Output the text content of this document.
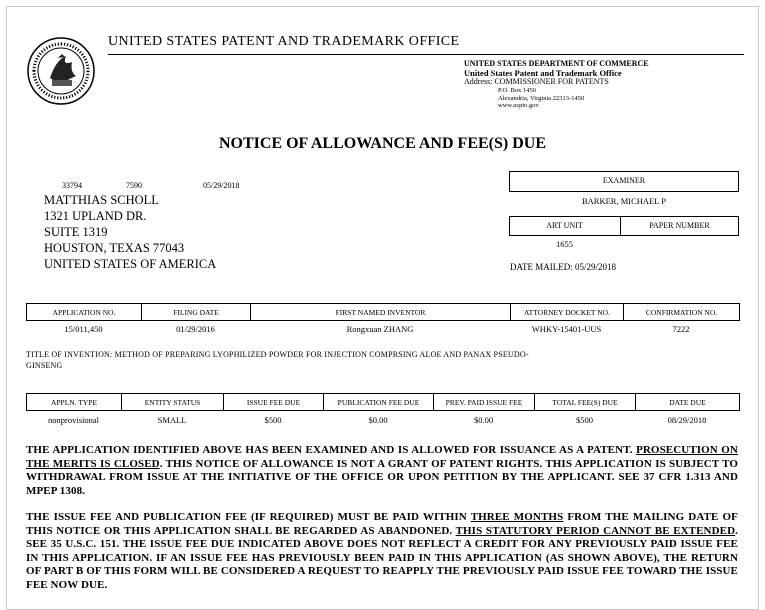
UNITED STATES PATENT AND TRADEMARK OFFICE
UNITED STATES DEPARTMENT OF COMMERCE
United States Patent and Trademark Office
Address: COMMISSIONER FOR PATENTS
P.O. Box 1450
Alexandria, Virginia 22313-1450
www.uspto.gov
NOTICE OF ALLOWANCE AND FEE(S) DUE
33794	7590	05/29/2018
MATTHIAS SCHOLL
1321 UPLAND DR.
SUITE 1319
HOUSTON, TEXAS 77043
UNITED STATES OF AMERICA
EXAMINER
BARKER, MICHAEL P
ART UNIT	PAPER NUMBER
1655
DATE MAILED: 05/29/2018
APPLICATION NO.	FILING DATE	FIRST NAMED INVENTOR	ATTORNEY DOCKET NO.	CONFIRMATION NO.
15/011,450	01/29/2016	Rongxuan ZHANG	WHKY-15401-UUS	7222
TITLE OF INVENTION: METHOD OF PREPARING LYOPHILIZED POWDER FOR INJECTION COMPRSING ALOE AND PANAX PSEUDO-
GINSENG
APPLN. TYPE	ENTITY STATUS	ISSUE FEE DUE	PUBLICATION FEE DUE	PREV. PAID ISSUE FEE	TOTAL FEE(S) DUE	DATE DUE
nonprovisional	SMALL	$500	$0.00	$0.00	$500	08/29/2018
THE APPLICATION IDENTIFIED ABOVE HAS BEEN EXAMINED AND IS ALLOWED FOR ISSUANCE AS A PATENT. PROSECUTION ON THE MERITS IS CLOSED. THIS NOTICE OF ALLOWANCE IS NOT A GRANT OF PATENT RIGHTS. THIS APPLICATION IS SUBJECT TO WITHDRAWAL FROM ISSUE AT THE INITIATIVE OF THE OFFICE OR UPON PETITION BY THE APPLICANT. SEE 37 CFR 1.313 AND MPEP 1308.
THE ISSUE FEE AND PUBLICATION FEE (IF REQUIRED) MUST BE PAID WITHIN THREE MONTHS FROM THE MAILING DATE OF THIS NOTICE OR THIS APPLICATION SHALL BE REGARDED AS ABANDONED. THIS STATUTORY PERIOD CANNOT BE EXTENDED. SEE 35 U.S.C. 151. THE ISSUE FEE DUE INDICATED ABOVE DOES NOT REFLECT A CREDIT FOR ANY PREVIOUSLY PAID ISSUE FEE IN THIS APPLICATION. IF AN ISSUE FEE HAS PREVIOUSLY BEEN PAID IN THIS APPLICATION (AS SHOWN ABOVE), THE RETURN OF PART B OF THIS FORM WILL BE CONSIDERED A REQUEST TO REAPPLY THE PREVIOUSLY PAID ISSUE FEE TOWARD THE ISSUE FEE NOW DUE.
